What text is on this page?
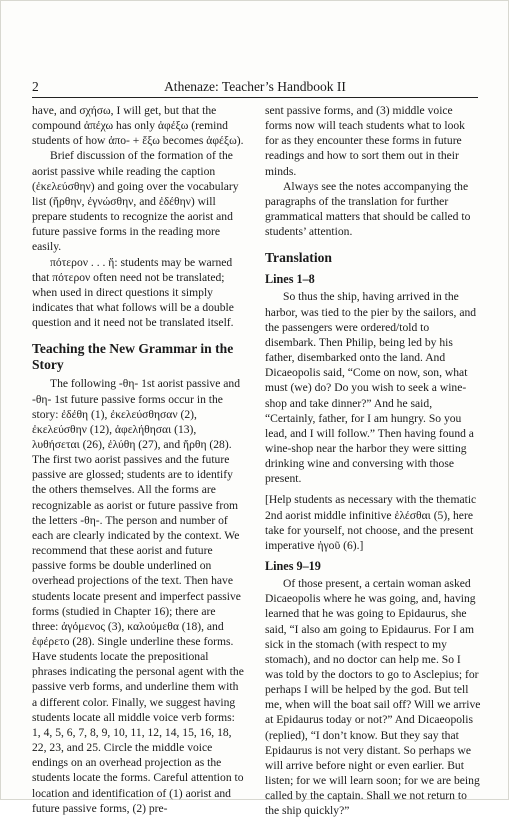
2	Athenaze: Teacher’s Handbook II

have, and σχήσω, I will get, but that the compound ἀπέχω has only ἀφέξω (remind students of how ἀπο- + ἕξω becomes ἀφέξω).

Brief discussion of the formation of the aorist passive while reading the caption (ἐκελεύσθην) and going over the vocabulary list (ἥρθην, ἐγνώσθην, and ἐδέθην) will prepare students to recognize the aorist and future passive forms in the reading more easily.

πότερον . . . ἤ: students may be warned that πότερον often need not be translated; when used in direct questions it simply indicates that what follows will be a double question and it need not be translated itself.

Teaching the New Grammar in the Story

The following -θη- 1st aorist passive and -θη- 1st future passive forms occur in the story: ἐδέθη (1), ἐκελεύσθησαν (2), ἐκελεύσθην (12), ἀφελήθησαι (13), λυθήσεται (26), ἐλύθη (27), and ἤρθη (28). The first two aorist passives and the future passive are glossed; students are to identify the others themselves. All the forms are recognizable as aorist or future passive from the letters -θη-. The person and number of each are clearly indicated by the context. We recommend that these aorist and future passive forms be double underlined on overhead projections of the text. Then have students locate present and imperfect passive forms (studied in Chapter 16); there are three: ἀγόμενος (3), καλούμεθα (18), and ἐφέρετο (28). Single underline these forms. Have students locate the prepositional phrases indicating the personal agent with the passive verb forms, and underline them with a different color. Finally, we suggest having students locate all middle voice verb forms: 1, 4, 5, 6, 7, 8, 9, 10, 11, 12, 14, 15, 16, 18, 22, 23, and 25. Circle the middle voice endings on an overhead projection as the students locate the forms. Careful attention to location and identification of (1) aorist and future passive forms, (2) pre-

sent passive forms, and (3) middle voice forms now will teach students what to look for as they encounter these forms in future readings and how to sort them out in their minds.

Always see the notes accompanying the paragraphs of the translation for further grammatical matters that should be called to students’ attention.

Translation
Lines 1–8

So thus the ship, having arrived in the harbor, was tied to the pier by the sailors, and the passengers were ordered/told to disembark. Then Philip, being led by his father, disembarked onto the land. And Dicaeopolis said, “Come on now, son, what must (we) do? Do you wish to seek a wine-shop and take dinner?” And he said, “Certainly, father, for I am hungry. So you lead, and I will follow.” Then having found a wine-shop near the harbor they were sitting drinking wine and conversing with those present.

[Help students as necessary with the thematic 2nd aorist middle infinitive ἑλέσθαι (5), here take for yourself, not choose, and the present imperative ἡγοῦ (6).]

Lines 9–19

Of those present, a certain woman asked Dicaeopolis where he was going, and, having learned that he was going to Epidaurus, she said, “I also am going to Epidaurus. For I am sick in the stomach (with respect to my stomach), and no doctor can help me. So I was told by the doctors to go to Asclepius; for perhaps I will be helped by the god. But tell me, when will the boat sail off? Will we arrive at Epidaurus today or not?” And Dicaeopolis (replied), “I don’t know. But they say that Epidaurus is not very distant. So perhaps we will arrive before night or even earlier. But listen; for we will learn soon; for we are being called by the captain. Shall we not return to the ship quickly?”
